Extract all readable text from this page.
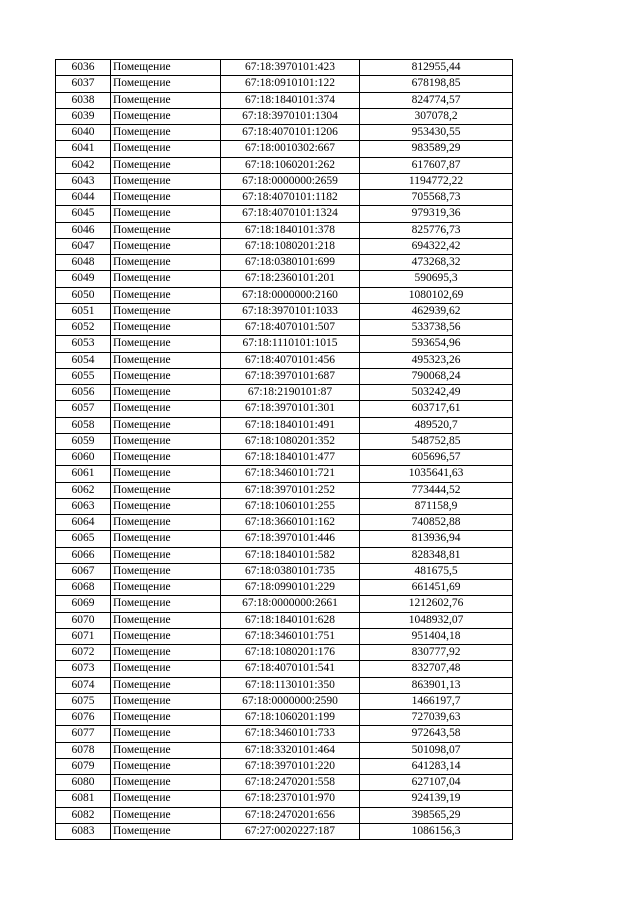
6036	Помещение	67:18:3970101:423	812955,44
6037	Помещение	67:18:0910101:122	678198,85
6038	Помещение	67:18:1840101:374	824774,57
6039	Помещение	67:18:3970101:1304	307078,2
6040	Помещение	67:18:4070101:1206	953430,55
6041	Помещение	67:18:0010302:667	983589,29
6042	Помещение	67:18:1060201:262	617607,87
6043	Помещение	67:18:0000000:2659	1194772,22
6044	Помещение	67:18:4070101:1182	705568,73
6045	Помещение	67:18:4070101:1324	979319,36
6046	Помещение	67:18:1840101:378	825776,73
6047	Помещение	67:18:1080201:218	694322,42
6048	Помещение	67:18:0380101:699	473268,32
6049	Помещение	67:18:2360101:201	590695,3
6050	Помещение	67:18:0000000:2160	1080102,69
6051	Помещение	67:18:3970101:1033	462939,62
6052	Помещение	67:18:4070101:507	533738,56
6053	Помещение	67:18:1110101:1015	593654,96
6054	Помещение	67:18:4070101:456	495323,26
6055	Помещение	67:18:3970101:687	790068,24
6056	Помещение	67:18:2190101:87	503242,49
6057	Помещение	67:18:3970101:301	603717,61
6058	Помещение	67:18:1840101:491	489520,7
6059	Помещение	67:18:1080201:352	548752,85
6060	Помещение	67:18:1840101:477	605696,57
6061	Помещение	67:18:3460101:721	1035641,63
6062	Помещение	67:18:3970101:252	773444,52
6063	Помещение	67:18:1060101:255	871158,9
6064	Помещение	67:18:3660101:162	740852,88
6065	Помещение	67:18:3970101:446	813936,94
6066	Помещение	67:18:1840101:582	828348,81
6067	Помещение	67:18:0380101:735	481675,5
6068	Помещение	67:18:0990101:229	661451,69
6069	Помещение	67:18:0000000:2661	1212602,76
6070	Помещение	67:18:1840101:628	1048932,07
6071	Помещение	67:18:3460101:751	951404,18
6072	Помещение	67:18:1080201:176	830777,92
6073	Помещение	67:18:4070101:541	832707,48
6074	Помещение	67:18:1130101:350	863901,13
6075	Помещение	67:18:0000000:2590	1466197,7
6076	Помещение	67:18:1060201:199	727039,63
6077	Помещение	67:18:3460101:733	972643,58
6078	Помещение	67:18:3320101:464	501098,07
6079	Помещение	67:18:3970101:220	641283,14
6080	Помещение	67:18:2470201:558	627107,04
6081	Помещение	67:18:2370101:970	924139,19
6082	Помещение	67:18:2470201:656	398565,29
6083	Помещение	67:27:0020227:187	1086156,3
